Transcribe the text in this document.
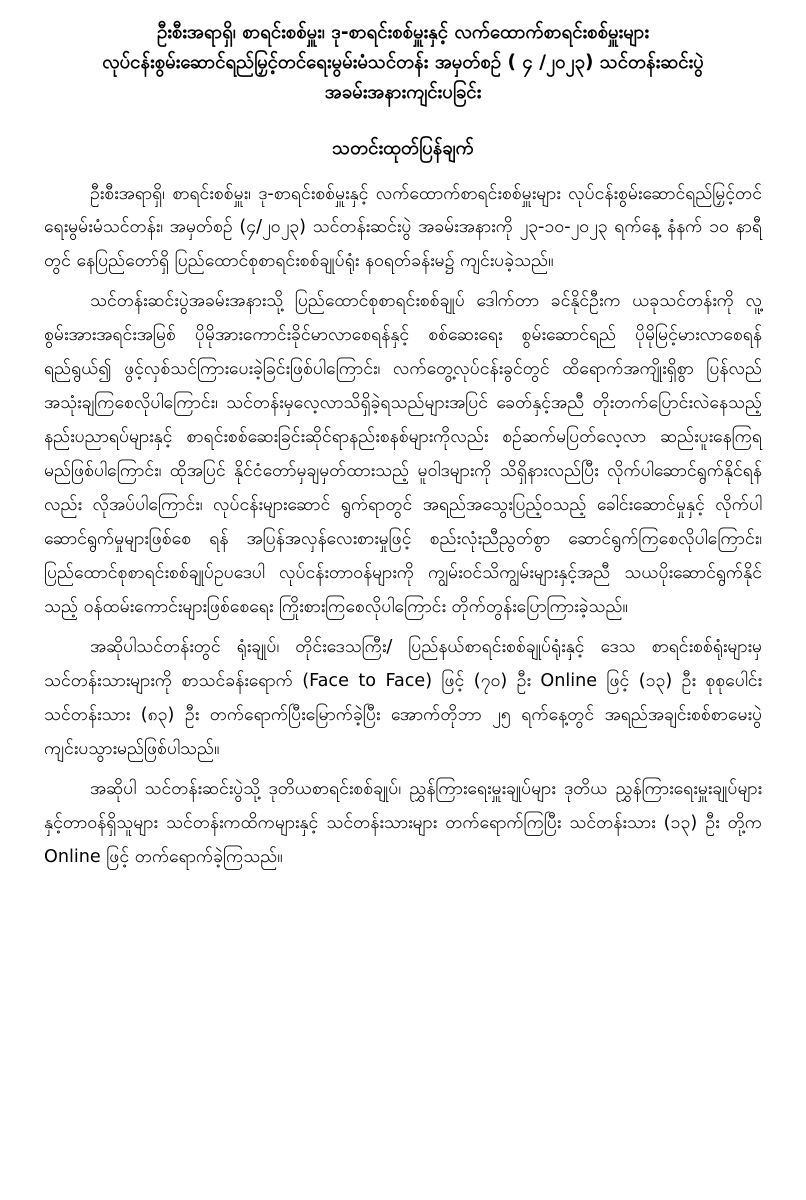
ဦးစီးအရာရှိ၊ စာရင်းစစ်မှူး၊ ဒု-စာရင်းစစ်မှူးနှင့် လက်ထောက်စာရင်းစစ်မှူးများ
လုပ်ငန်းစွမ်းဆောင်ရည်မြှင့်တင်ရေးမွမ်းမံသင်တန်း အမှတ်စဉ် ( ၄ /၂၀၂၃) သင်တန်းဆင်းပွဲ
အခမ်းအနားကျင်းပခြင်း
သတင်းထုတ်ပြန်ချက်

ဦးစီးအရာရှိ၊ စာရင်းစစ်မှူး၊ ဒု-စာရင်းစစ်မှူးနှင့် လက်ထောက်စာရင်းစစ်မှူးများ လုပ်ငန်းစွမ်းဆောင်ရည်မြှင့်တင်ရေးမွမ်းမံသင်တန်း၊ အမှတ်စဉ် (၄/၂၀၂၃) သင်တန်းဆင်းပွဲ အခမ်းအနားကို ၂၃-၁၀-၂၀၂၃ ရက်နေ့ နံနက် ၁၀ နာရီတွင် နေပြည်တော်ရှိ ပြည်ထောင်စုစာရင်းစစ်ချုပ်ရုံး နဝရတ်ခန်းမ၌ ကျင်းပခဲ့သည်။

သင်တန်းဆင်းပွဲအခမ်းအနားသို့ ပြည်ထောင်စုစာရင်းစစ်ချုပ် ဒေါက်တာ ခင်နိုင်ဦးက ယခုသင်တန်းကို လူ့စွမ်းအားအရင်းအမြစ် ပိုမိုအားကောင်းခိုင်မာလာစေရန်နှင့် စစ်ဆေးရေး စွမ်းဆောင်ရည် ပိုမိုမြင့်မားလာစေရန် ရည်ရွယ်၍ ဖွင့်လှစ်သင်ကြားပေးခဲ့ခြင်းဖြစ်ပါကြောင်း၊ လက်တွေ့လုပ်ငန်းခွင်တွင် ထိရောက်အကျိုးရှိစွာ ပြန်လည်အသုံးချကြစေလိုပါကြောင်း၊ သင်တန်းမှလေ့လာသိရှိခဲ့ရသည်များအပြင် ခေတ်နှင့်အညီ တိုးတက်ပြောင်းလဲနေသည့် နည်းပညာရပ်များနှင့် စာရင်းစစ်ဆေးခြင်းဆိုင်ရာနည်းစနစ်များကိုလည်း စဉ်ဆက်မပြတ်လေ့လာ ဆည်းပူးနေကြရမည်ဖြစ်ပါကြောင်း၊ ထိုအပြင် နိုင်ငံတော်မှချမှတ်ထားသည့် မူဝါဒများကို သိရှိနားလည်ပြီး လိုက်ပါဆောင်ရွက်နိုင်ရန်လည်း လိုအပ်ပါကြောင်း၊ လုပ်ငန်းများဆောင် ရွက်ရာတွင် အရည်အသွေးပြည့်ဝသည့် ခေါင်းဆောင်မှုနှင့် လိုက်ပါဆောင်ရွက်မှုများဖြစ်စေ ရန် အပြန်အလှန်လေးစားမှုဖြင့် စည်းလုံးညီညွတ်စွာ ဆောင်ရွက်ကြစေလိုပါကြောင်း၊ ပြည်ထောင်စုစာရင်းစစ်ချုပ်ဥပဒေပါ လုပ်ငန်းတာဝန်များကို ကျွမ်းဝင်သိကျွမ်းများနှင့်အညီ သယပိုးဆောင်ရွက်နိုင်သည့် ဝန်ထမ်းကောင်းများဖြစ်စေရေး ကြိုးစားကြစေလိုပါကြောင်း တိုက်တွန်းပြောကြားခဲ့သည်။

အဆိုပါသင်တန်းတွင် ရုံးချုပ်၊ တိုင်းဒေသကြီး/ ပြည်နယ်စာရင်းစစ်ချုပ်ရုံးနှင့် ဒေသ စာရင်းစစ်ရုံးများမှ သင်တန်းသားများကို စာသင်ခန်းရောက် (Face to Face) ဖြင့် (၇၀) ဦး Online ဖြင့် (၁၃) ဦး စုစုပေါင်းသင်တန်းသား (၈၃) ဦး တက်ရောက်ပြီးမြောက်ခဲ့ပြီး အောက်တိုဘာ ၂၅ ရက်နေ့တွင် အရည်အချင်းစစ်စာမေးပွဲ ကျင်းပသွားမည်ဖြစ်ပါသည်။

အဆိုပါ သင်တန်းဆင်းပွဲသို့ ဒုတိယစာရင်းစစ်ချုပ်၊ ညွှန်ကြားရေးမှူးချုပ်များ ဒုတိယ ညွှန်ကြားရေးမှူးချုပ်များနှင့်တာဝန်ရှိသူများ သင်တန်းကထိကများနှင့် သင်တန်းသားများ တက်ရောက်ကြပြီး သင်တန်းသား (၁၃) ဦး တို့က Online ဖြင့် တက်ရောက်ခဲ့ကြသည်။
